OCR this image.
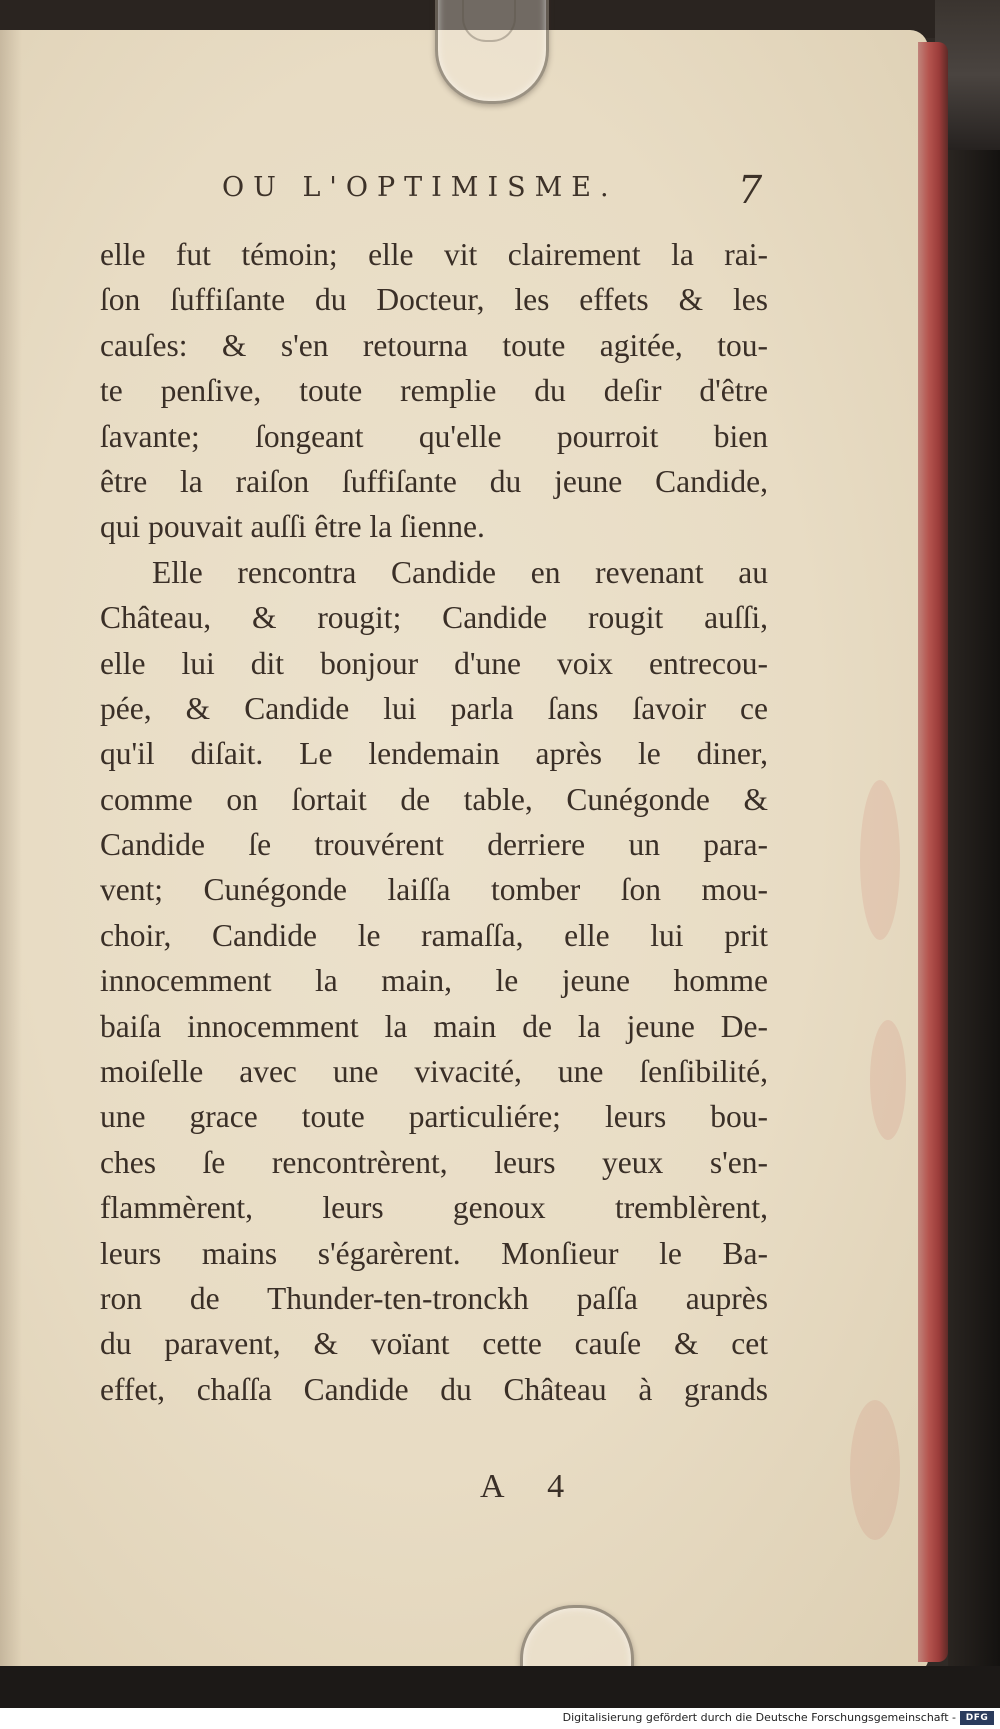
OU L'OPTIMISME.	7
elle fut témoin; elle vit clairement la rai-
ſon ſuffiſante du Docteur, les effets & les
cauſes: & s'en retourna toute agitée, tou-
te penſive, toute remplie du deſir d'être
ſavante; ſongeant qu'elle pourroit bien
être la raiſon ſuffiſante du jeune Candide,
qui pouvait auſſi être la ſienne.
Elle rencontra Candide en revenant au
Château, & rougit; Candide rougit auſſi,
elle lui dit bonjour d'une voix entrecou-
pée, & Candide lui parla ſans ſavoir ce
qu'il diſait. Le lendemain après le diner,
comme on ſortait de table, Cunégonde &
Candide ſe trouvérent derriere un para-
vent; Cunégonde laiſſa tomber ſon mou-
choir, Candide le ramaſſa, elle lui prit
innocemment la main, le jeune homme
baiſa innocemment la main de la jeune De-
moiſelle avec une vivacité, une ſenſibilité,
une grace toute particuliére; leurs bou-
ches ſe rencontrèrent, leurs yeux s'en-
flammèrent, leurs genoux tremblèrent,
leurs mains s'égarèrent. Monſieur le Ba-
ron de Thunder-ten-tronckh paſſa auprès
du paravent, & voïant cette cauſe & cet
effet, chaſſa Candide du Château à grands
A 4
Digitalisierung gefördert durch die Deutsche Forschungsgemeinschaft -	DFG
